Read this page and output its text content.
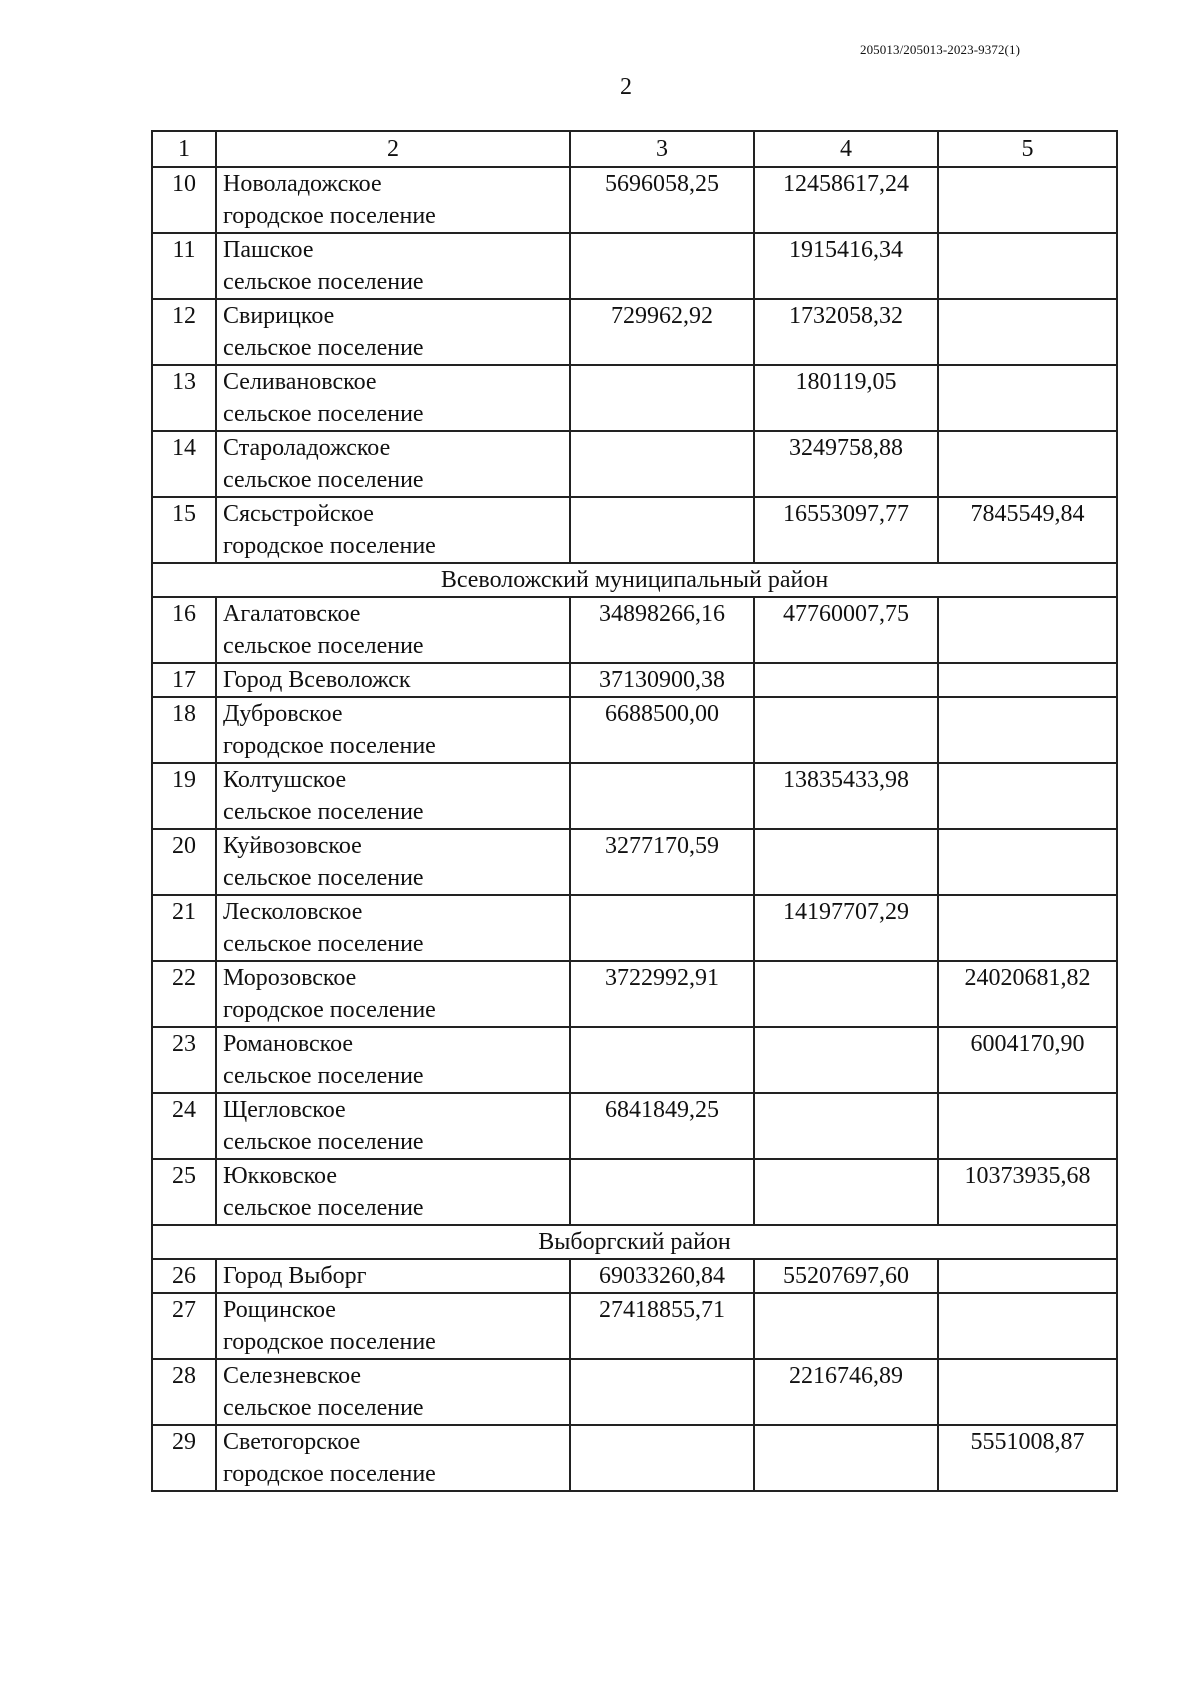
205013/205013-2023-9372(1)
2
1	2	3	4	5
10	Новоладожское
городское поселение	5696058,25	12458617,24	
11	Пашское
сельское поселение		1915416,34	
12	Свирицкое
сельское поселение	729962,92	1732058,32	
13	Селивановское
сельское поселение		180119,05	
14	Староладожское
сельское поселение		3249758,88	
15	Сясьстройское
городское поселение		16553097,77	7845549,84
Всеволожский муниципальный район				
16	Агалатовское
сельское поселение	34898266,16	47760007,75	
17	Город Всеволожск	37130900,38		
18	Дубровское
городское поселение	6688500,00		
19	Колтушское
сельское поселение		13835433,98	
20	Куйвозовское
сельское поселение	3277170,59		
21	Лесколовское
сельское поселение		14197707,29	
22	Морозовское
городское поселение	3722992,91		24020681,82
23	Романовское
сельское поселение			6004170,90
24	Щегловское
сельское поселение	6841849,25		
25	Юкковское
сельское поселение			10373935,68
Выборгский район				
26	Город Выборг	69033260,84	55207697,60	
27	Рощинское
городское поселение	27418855,71		
28	Селезневское
сельское поселение		2216746,89	
29	Светогорское
городское поселение			5551008,87
